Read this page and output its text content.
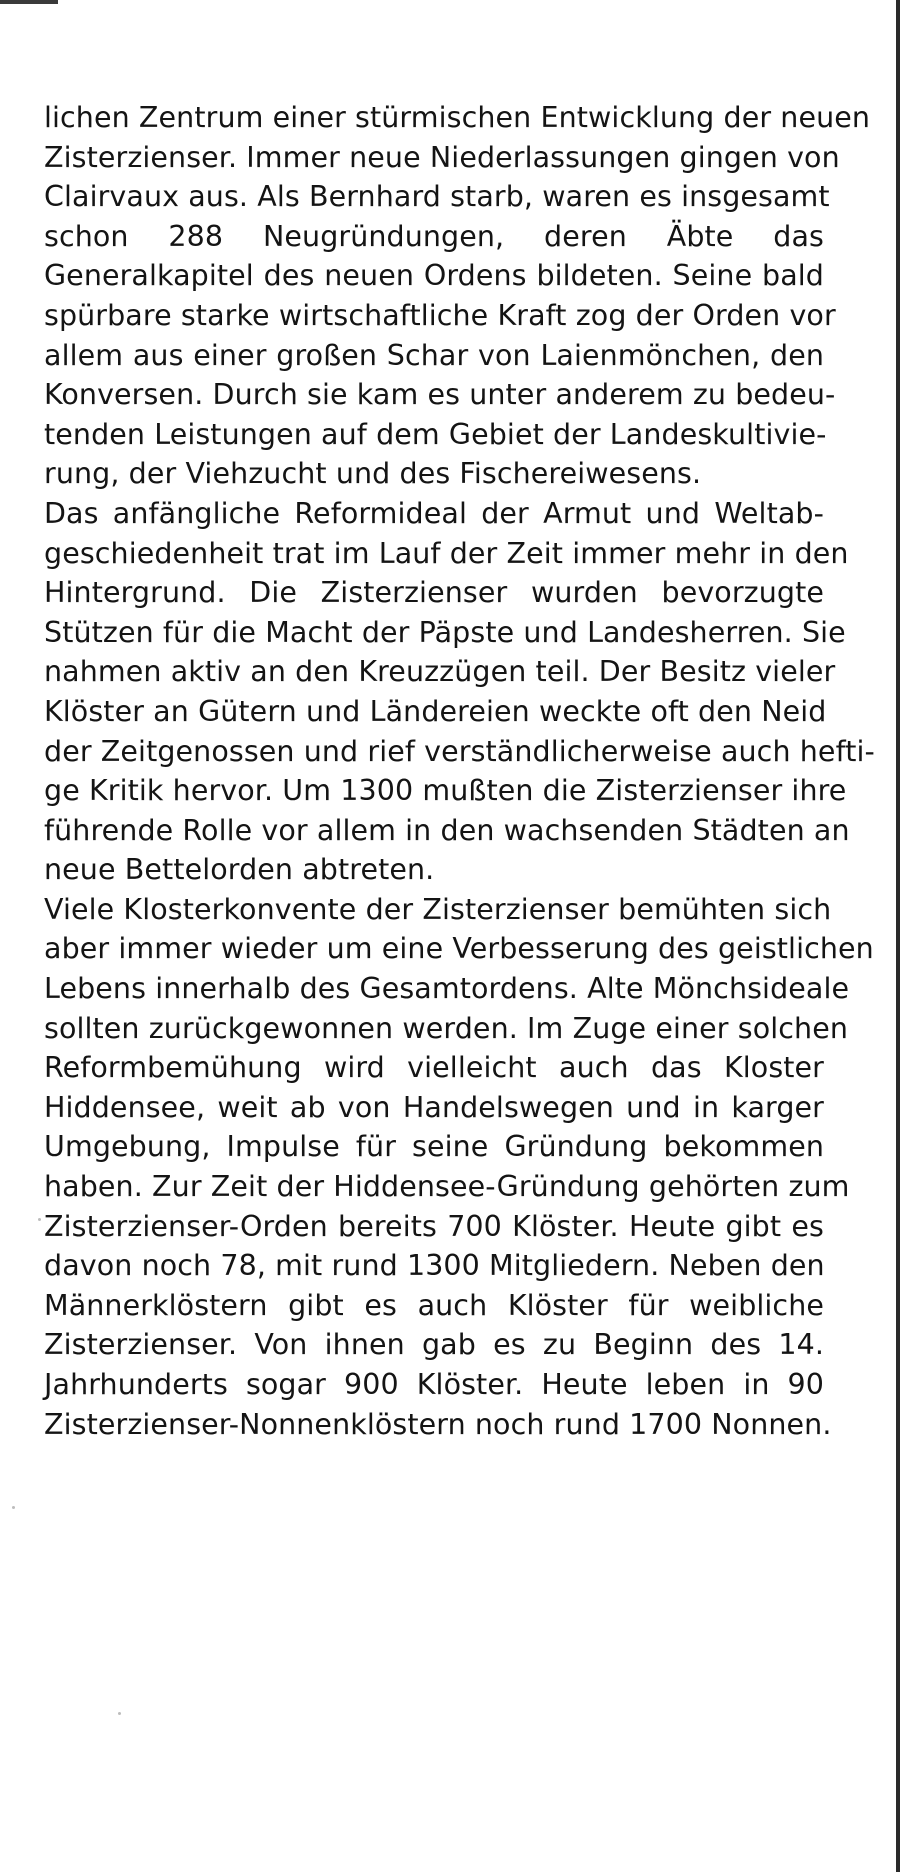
lichen Zentrum einer stürmischen Entwicklung der neuen
Zisterzienser. Immer neue Niederlassungen gingen von
Clairvaux aus. Als Bernhard starb, waren es insgesamt
schon 288 Neugründungen, deren Äbte das
Generalkapitel des neuen Ordens bildeten. Seine bald
spürbare starke wirtschaftliche Kraft zog der Orden vor
allem aus einer großen Schar von Laienmönchen, den
Konversen. Durch sie kam es unter anderem zu bedeu-
tenden Leistungen auf dem Gebiet der Landeskultivie-
rung, der Viehzucht und des Fischereiwesens.
Das anfängliche Reformideal der Armut und Weltab-
geschiedenheit trat im Lauf der Zeit immer mehr in den
Hintergrund. Die Zisterzienser wurden bevorzugte
Stützen für die Macht der Päpste und Landesherren. Sie
nahmen aktiv an den Kreuzzügen teil. Der Besitz vieler
Klöster an Gütern und Ländereien weckte oft den Neid
der Zeitgenossen und rief verständlicherweise auch hefti-
ge Kritik hervor. Um 1300 mußten die Zisterzienser ihre
führende Rolle vor allem in den wachsenden Städten an
neue Bettelorden abtreten.
Viele Klosterkonvente der Zisterzienser bemühten sich
aber immer wieder um eine Verbesserung des geistlichen
Lebens innerhalb des Gesamtordens. Alte Mönchsideale
sollten zurückgewonnen werden. Im Zuge einer solchen
Reformbemühung wird vielleicht auch das Kloster
Hiddensee, weit ab von Handelswegen und in karger
Umgebung, Impulse für seine Gründung bekommen
haben. Zur Zeit der Hiddensee-Gründung gehörten zum
Zisterzienser-Orden bereits 700 Klöster. Heute gibt es
davon noch 78, mit rund 1300 Mitgliedern. Neben den
Männerklöstern gibt es auch Klöster für weibliche
Zisterzienser. Von ihnen gab es zu Beginn des 14.
Jahrhunderts sogar 900 Klöster. Heute leben in 90
Zisterzienser-Nonnenklöstern noch rund 1700 Nonnen.
